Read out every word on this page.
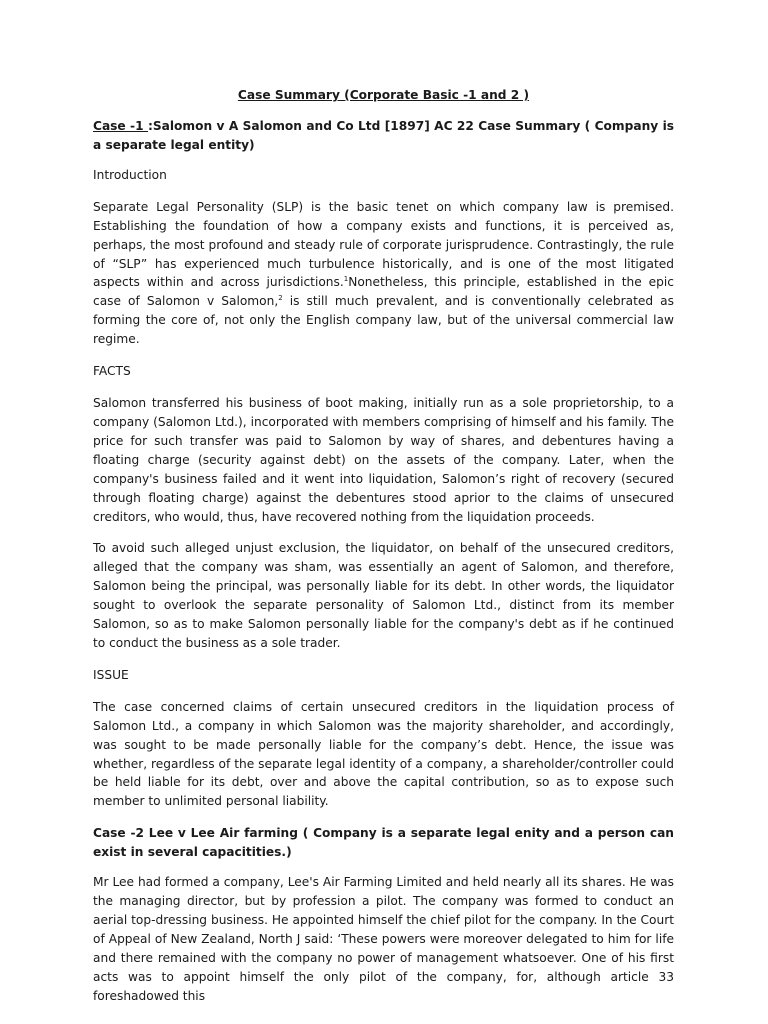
Case Summary (Corporate Basic -1 and 2 )
Case -1 :Salomon v A Salomon and Co Ltd [1897] AC 22 Case Summary ( Company is a separate legal entity)
Introduction
Separate Legal Personality (SLP) is the basic tenet on which company law is premised. Establishing the foundation of how a company exists and functions, it is perceived as, perhaps, the most profound and steady rule of corporate jurisprudence. Contrastingly, the rule of “SLP” has experienced much turbulence historically, and is one of the most litigated aspects within and across jurisdictions.$^1$Nonetheless, this principle, established in the epic case of Salomon v Salomon,$^2$ is still much prevalent, and is conventionally celebrated as forming the core of, not only the English company law, but of the universal commercial law regime.
FACTS
Salomon transferred his business of boot making, initially run as a sole proprietorship, to a company (Salomon Ltd.), incorporated with members comprising of himself and his family. The price for such transfer was paid to Salomon by way of shares, and debentures having a floating charge (security against debt) on the assets of the company. Later, when the company's business failed and it went into liquidation, Salomon’s right of recovery (secured through floating charge) against the debentures stood aprior to the claims of unsecured creditors, who would, thus, have recovered nothing from the liquidation proceeds.
To avoid such alleged unjust exclusion, the liquidator, on behalf of the unsecured creditors, alleged that the company was sham, was essentially an agent of Salomon, and therefore, Salomon being the principal, was personally liable for its debt. In other words, the liquidator sought to overlook the separate personality of Salomon Ltd., distinct from its member Salomon, so as to make Salomon personally liable for the company's debt as if he continued to conduct the business as a sole trader.
ISSUE
The case concerned claims of certain unsecured creditors in the liquidation process of Salomon Ltd., a company in which Salomon was the majority shareholder, and accordingly, was sought to be made personally liable for the company’s debt. Hence, the issue was whether, regardless of the separate legal identity of a company, a shareholder/controller could be held liable for its debt, over and above the capital contribution, so as to expose such member to unlimited personal liability.
Case -2 Lee v Lee Air farming ( Company is a separate legal enity and a person can exist in several capacitities.)
Mr Lee had formed a company, Lee's Air Farming Limited and held nearly all its shares. He was the managing director, but by profession a pilot. The company was formed to conduct an aerial top-dressing business. He appointed himself the chief pilot for the company. In the Court of Appeal of New Zealand, North J said: ‘These powers were moreover delegated to him for life and there remained with the company no power of management whatsoever. One of his first acts was to appoint himself the only pilot of the company, for, although article 33 foreshadowed this
